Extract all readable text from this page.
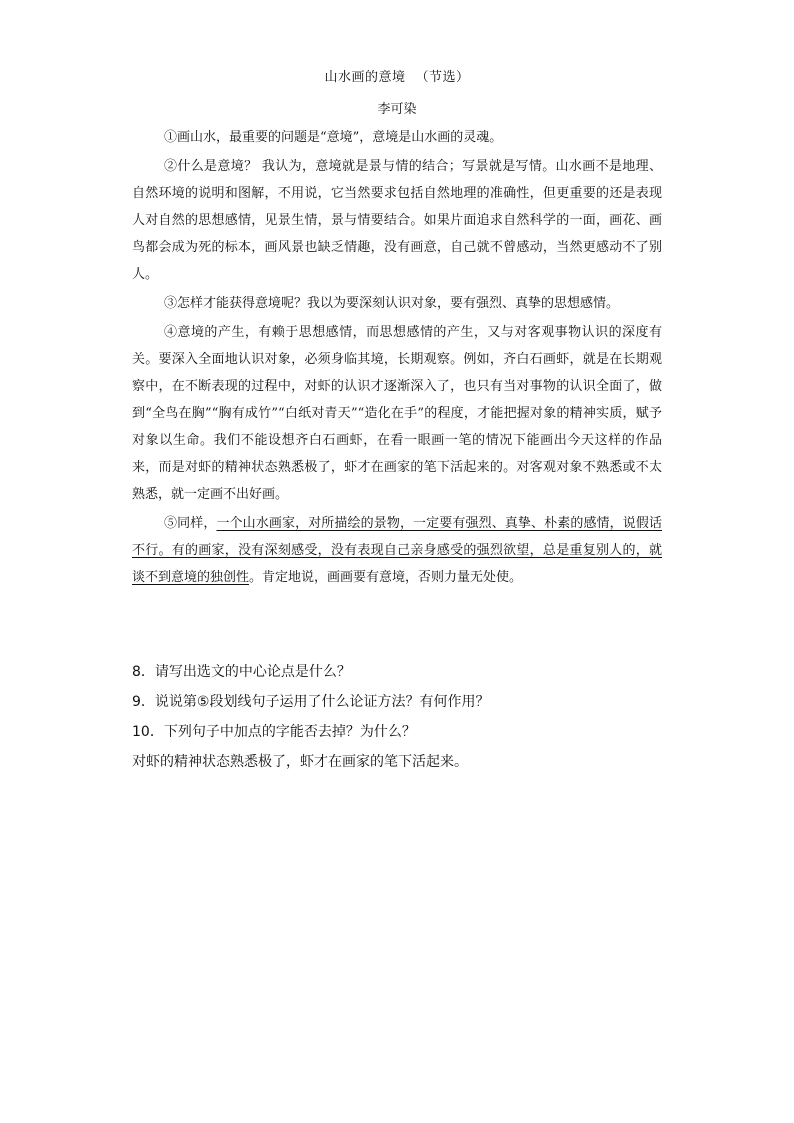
山水画的意境 （节选）
李可染

①画山水，最重要的问题是“意境”，意境是山水画的灵魂。

②什么是意境？ 我认为，意境就是景与情的结合；写景就是写情。山水画不是地理、自然环境的说明和图解，不用说，它当然要求包括自然地理的准确性，但更重要的还是表现人对自然的思想感情，见景生情，景与情要结合。如果片面追求自然科学的一面，画花、画鸟都会成为死的标本，画风景也缺乏情趣，没有画意，自己就不曾感动，当然更感动不了别人。

③怎样才能获得意境呢？我以为要深刻认识对象，要有强烈、真挚的思想感情。

④意境的产生，有赖于思想感情，而思想感情的产生，又与对客观事物认识的深度有关。要深入全面地认识对象，必须身临其境，长期观察。例如，齐白石画虾，就是在长期观察中，在不断表现的过程中，对虾的认识才逐渐深入了，也只有当对事物的认识全面了，做到“全鸟在胸”“胸有成竹”“白纸对青天”“造化在手”的程度，才能把握对象的精神实质，赋予对象以生命。我们不能设想齐白石画虾，在看一眼画一笔的情况下能画出今天这样的作品来，而是对虾的精神状态熟悉极了，虾才在画家的笔下活起来的。对客观对象不熟悉或不太熟悉，就一定画不出好画。

⑤同样，一个山水画家，对所描绘的景物，一定要有强烈、真挚、朴素的感情，说假话不行。有的画家，没有深刻感受，没有表现自己亲身感受的强烈欲望，总是重复别人的，就谈不到意境的独创性。肯定地说，画画要有意境，否则力量无处使。

8．请写出选文的中心论点是什么？

9．说说第⑤段划线句子运用了什么论证方法？有何作用？

10．下列句子中加点的字能否去掉？为什么？

对虾的精神状态熟悉极了，虾才在画家的笔下活起来。
